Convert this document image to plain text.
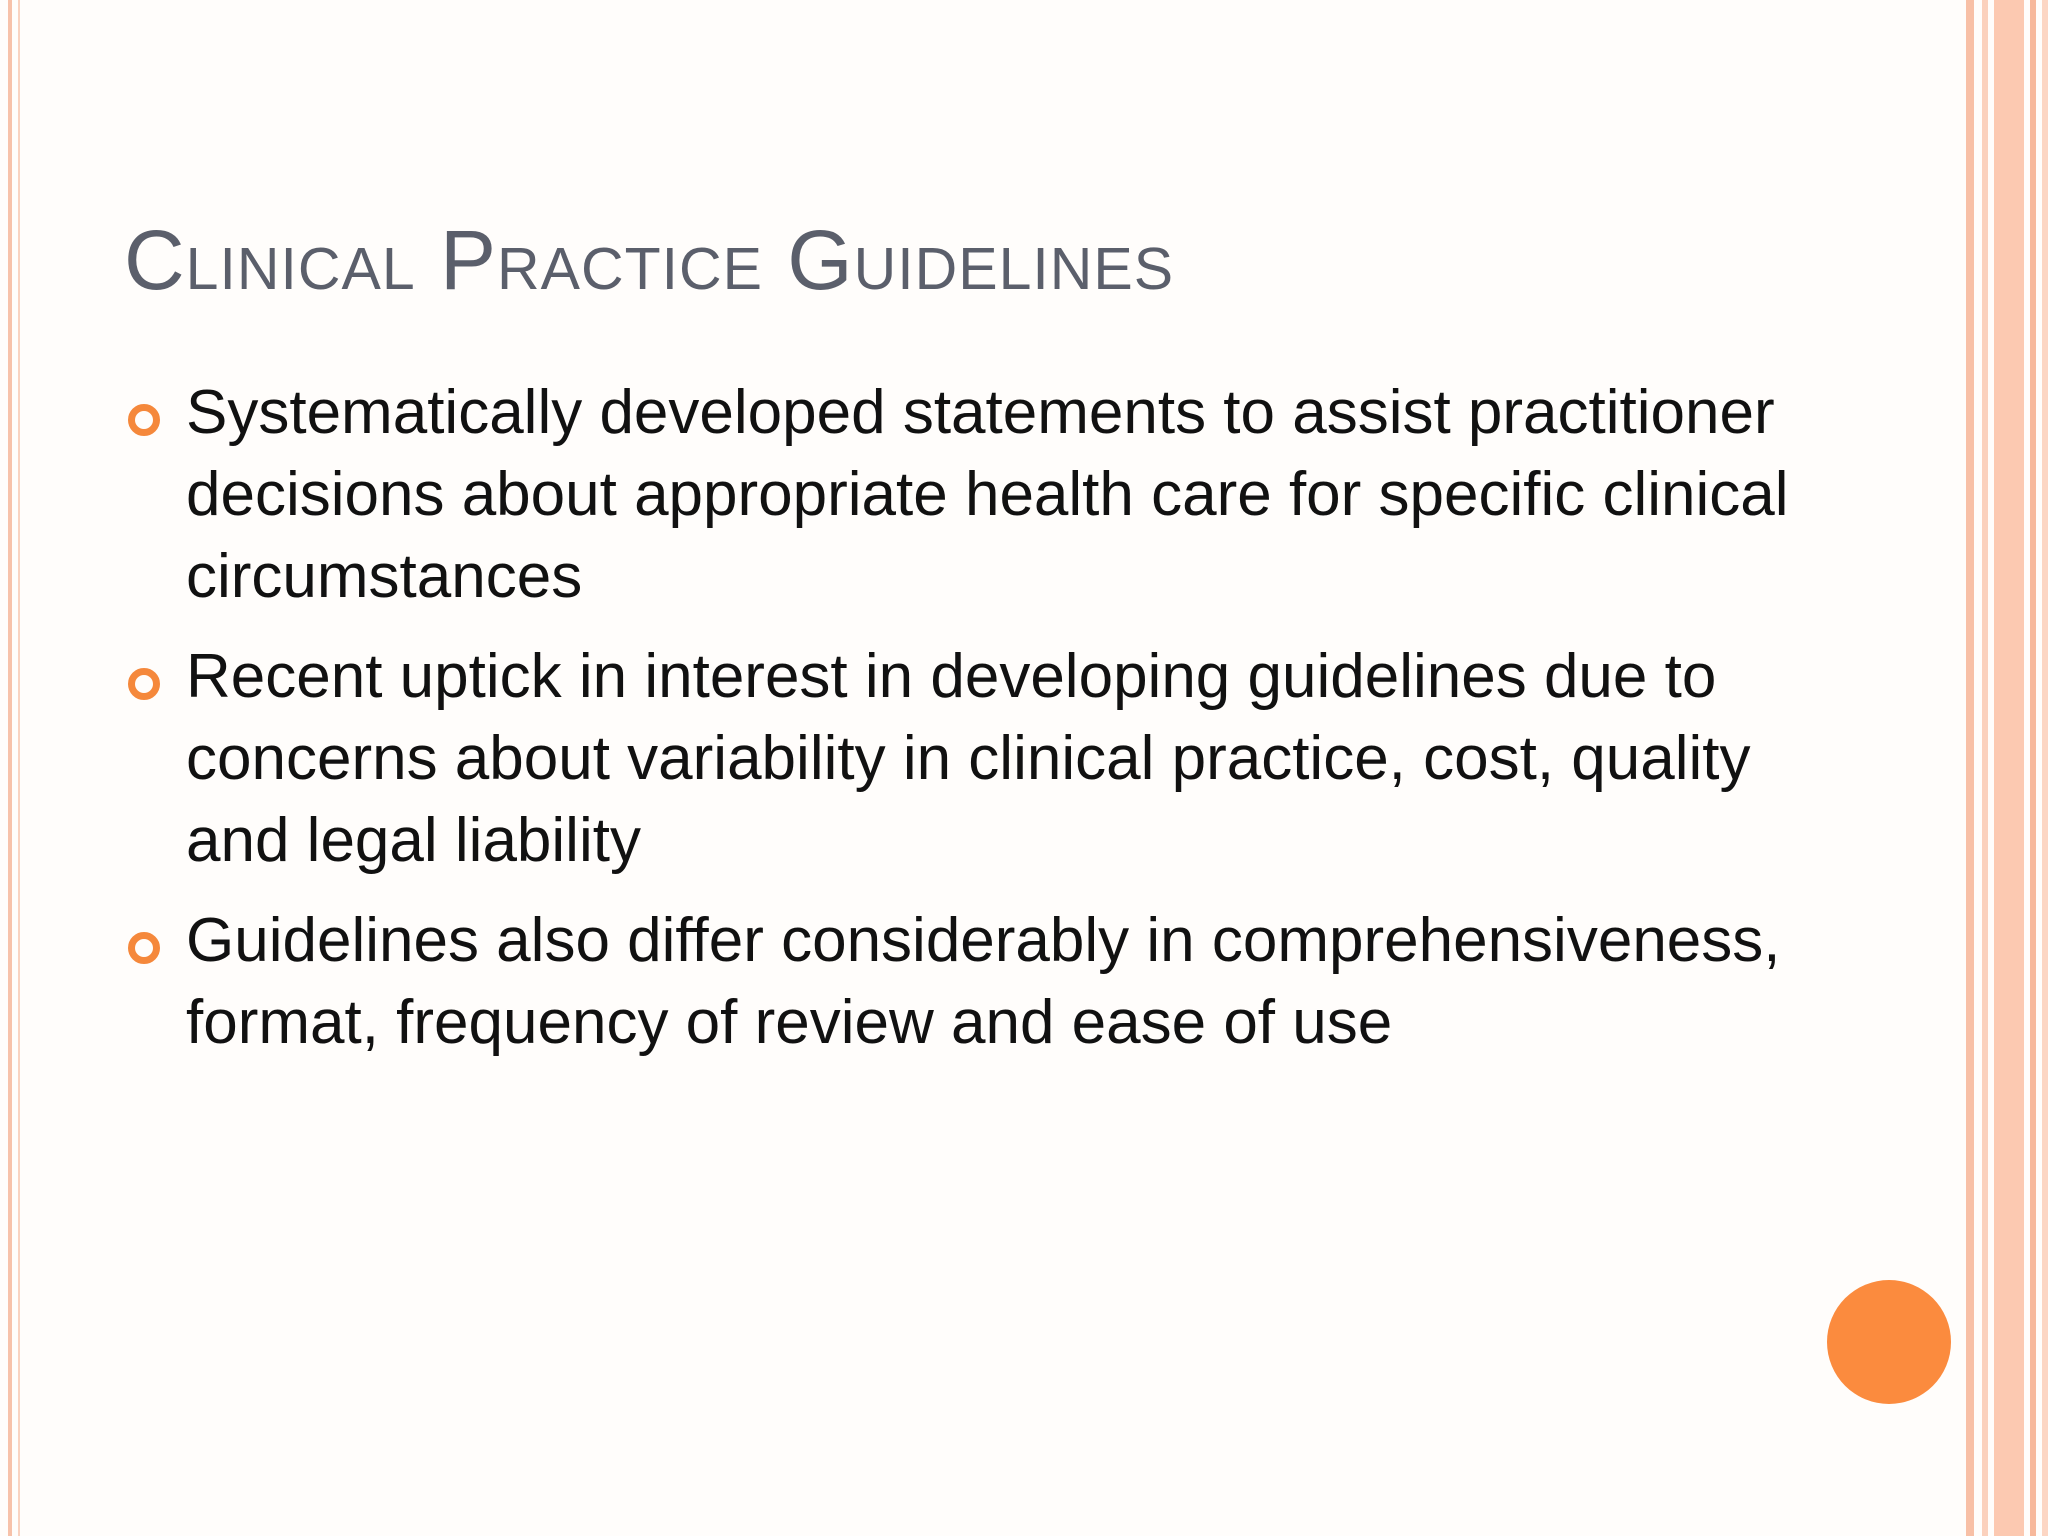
Clinical Practice Guidelines
Systematically developed statements to assist practitioner decisions about appropriate health care for specific clinical circumstances
Recent uptick in interest in developing guidelines due to concerns about variability in clinical practice, cost, quality and legal liability
Guidelines also differ considerably in comprehensiveness, format, frequency of review and ease of use
